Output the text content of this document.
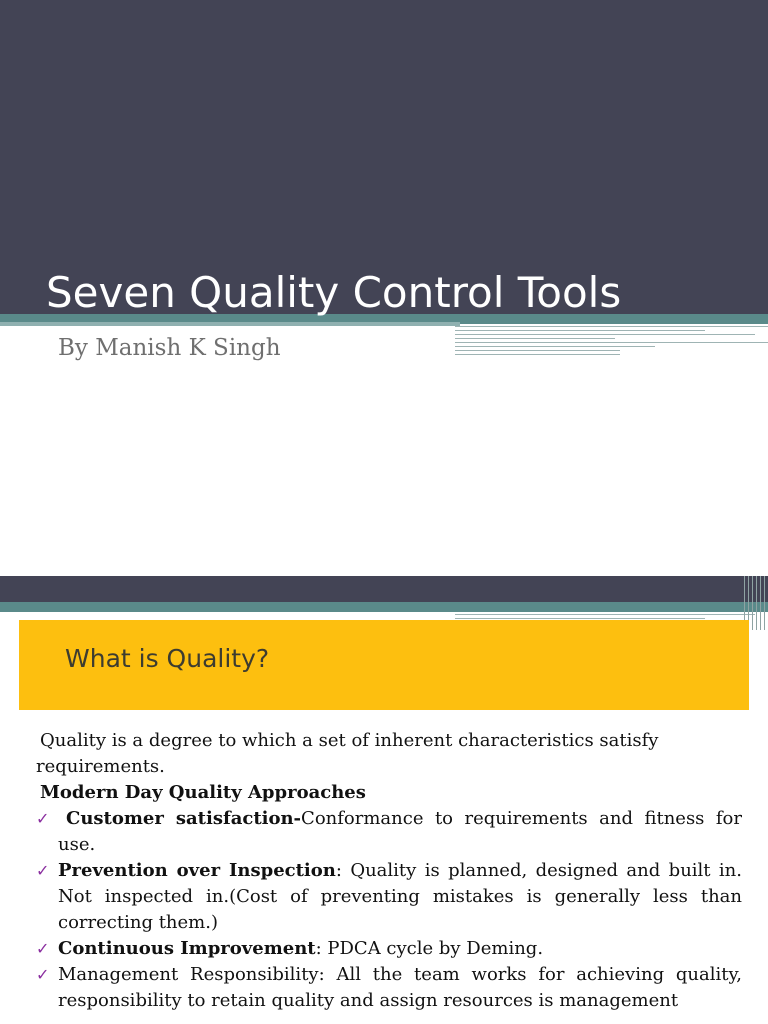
Seven Quality Control Tools

By Manish K Singh

What is Quality?

Quality is a degree to which a set of inherent characteristics satisfy requirements.

Modern Day Quality Approaches

✓ Customer satisfaction-Conformance to requirements and fitness for use.

✓ Prevention over Inspection: Quality is planned, designed and built in. Not inspected in.(Cost of preventing mistakes is generally less than correcting them.)

✓ Continuous Improvement: PDCA cycle by Deming.

✓ Management Responsibility: All the team works for achieving quality, responsibility to retain quality and assign resources is management
